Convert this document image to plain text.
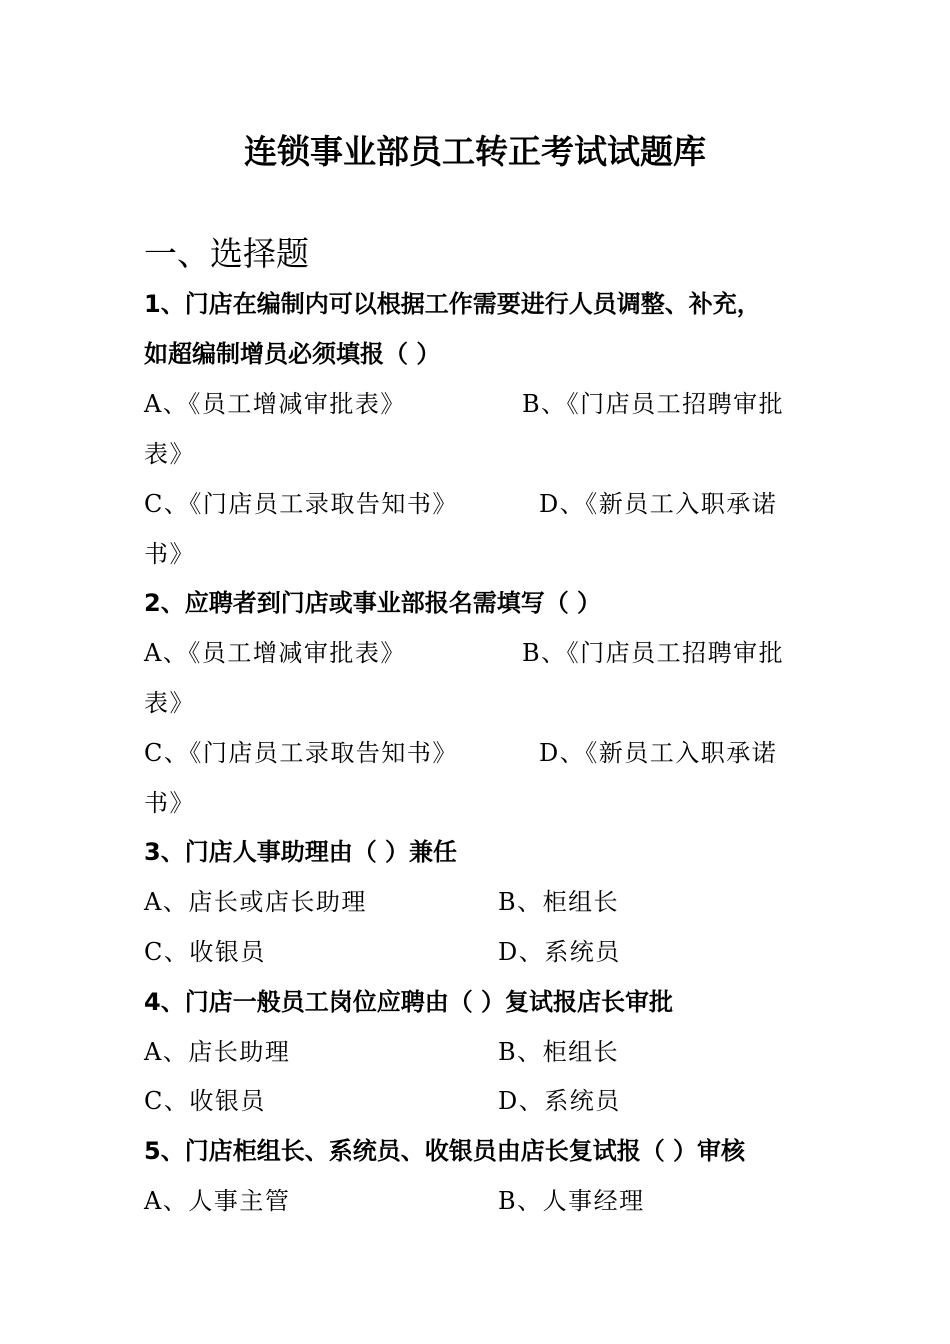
连锁事业部员工转正考试试题库
一、选择题
1、门店在编制内可以根据工作需要进行人员调整、补充，
如超编制增员必须填报（ ）
A、《员工增减审批表》	B、《门店员工招聘审批
表》
C、《门店员工录取告知书》	D、《新员工入职承诺
书》
2、应聘者到门店或事业部报名需填写（ ）
A、《员工增减审批表》	B、《门店员工招聘审批
表》
C、《门店员工录取告知书》	D、《新员工入职承诺
书》
3、门店人事助理由（ ）兼任
A、店长或店长助理	B、柜组长
C、收银员	D、系统员
4、门店一般员工岗位应聘由（ ）复试报店长审批
A、店长助理	B、柜组长
C、收银员	D、系统员
5、门店柜组长、系统员、收银员由店长复试报（ ）审核
A、人事主管	B、人事经理
